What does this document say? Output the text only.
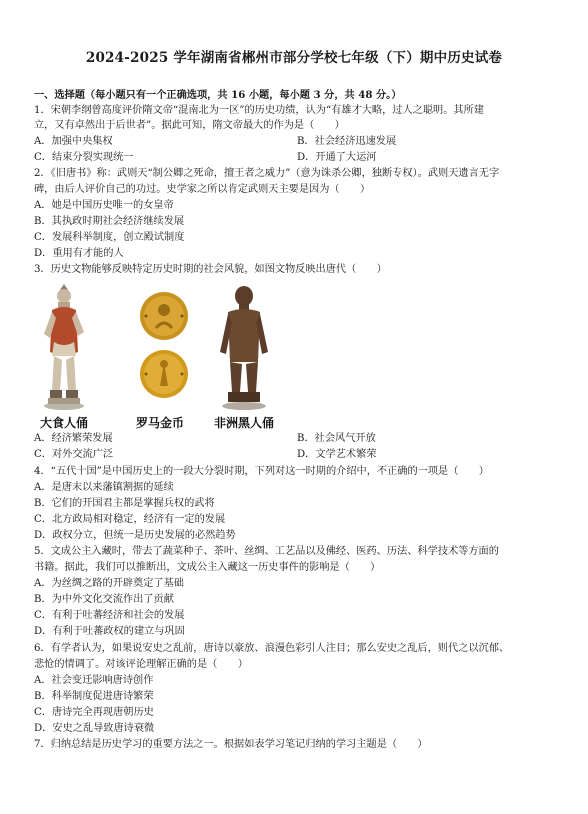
2024-2025 学年湖南省郴州市部分学校七年级（下）期中历史试卷
一、选择题（每小题只有一个正确选项，共 16 小题，每小题 3 分，共 48 分。）
1．宋朝李纲曾高度评价隋文帝“混南北为一区”的历史功绩，认为“有雄才大略，过人之聪明。其所建
立，又有卓然出于后世者”。据此可知，隋文帝最大的作为是（　　）
A．加强中央集权	B．社会经济迅速发展
C．结束分裂实现统一	D．开通了大运河
2．《旧唐书》称：武则天“制公卿之死命，擅王者之威力”（意为诛杀公卿，独断专权）。武则天遗言无字
碑，由后人评价自己的功过。史学家之所以肯定武则天主要是因为（　　）
A．她是中国历史唯一的女皇帝
B．其执政时期社会经济继续发展
C．发展科举制度，创立殿试制度
D．重用有才能的人
3．历史文物能够反映特定历史时期的社会风貌，如图文物反映出唐代（　　）
大食人俑	罗马金币 非洲黑人俑
A．经济繁荣发展	B．社会风气开放
C．对外交流广泛	D．文学艺术繁荣
4．“五代十国”是中国历史上的一段大分裂时期，下列对这一时期的介绍中，不正确的一项是（　　）
A．是唐末以来藩镇割据的延续
B．它们的开国君主都是掌握兵权的武将
C．北方政局相对稳定，经济有一定的发展
D．政权分立，但统一是历史发展的必然趋势
5．文成公主入藏时，带去了蔬菜种子、茶叶、丝绸、工艺品以及佛经、医药、历法、科学技术等方面的
书籍。据此，我们可以推断出，文成公主入藏这一历史事件的影响是（　　）
A．为丝绸之路的开辟奠定了基础
B．为中外文化交流作出了贡献
C．有利于吐蕃经济和社会的发展
D．有利于吐蕃政权的建立与巩固
6．有学者认为，如果说安史之乱前，唐诗以豪放、浪漫色彩引人注目；那么安史之乱后，则代之以沉郁、
悲怆的情调了。对该评论理解正确的是（　　）
A．社会变迁影响唐诗创作
B．科举制度促进唐诗繁荣
C．唐诗完全再现唐朝历史
D．安史之乱导致唐诗衰微
7．归纳总结是历史学习的重要方法之一。根据如表学习笔记归纳的学习主题是（　　）
